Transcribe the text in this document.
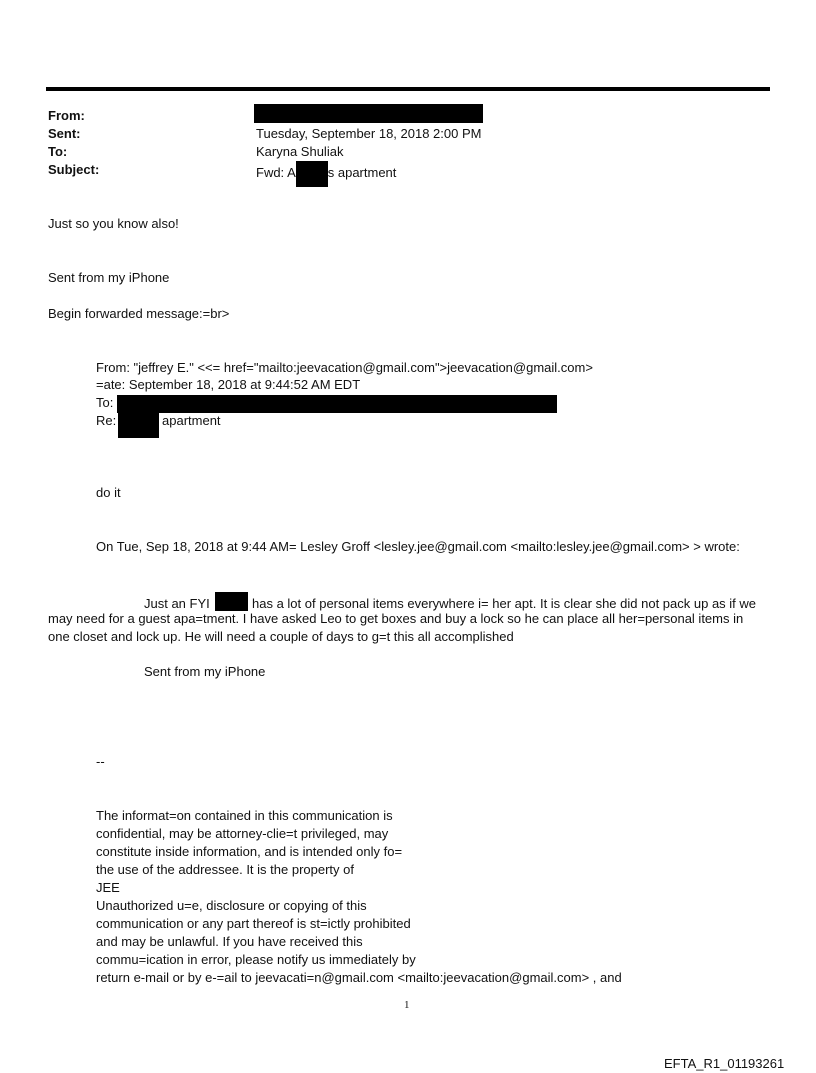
From:
Sent:	Tuesday, September 18, 2018 2:00 PM
To:	Karyna Shuliak
Subject:	Fwd: A s apartment
Just so you know also!
Sent from my iPhone
Begin forwarded message:=br>
From: "jeffrey E." <<= href="mailto:jeevacation@gmail.com">jeevacation@gmail.com>
=ate: September 18, 2018 at 9:44:52 AM EDT
To:
Re:	apartment
do it
On Tue, Sep 18, 2018 at 9:44 AM= Lesley Groff <lesley.jee@gmail.com <mailto:lesley.jee@gmail.com> > wrote:
Just an FYI	has a lot of personal items everywhere i= her apt. It is clear she did not pack up as if we
may need for a guest apa=tment. I have asked Leo to get boxes and buy a lock so he can place all her=personal items in
one closet and lock up. He will need a couple of days to g=t this all accomplished
Sent from my iPhone
--
The informat=on contained in this communication is
confidential, may be attorney-clie=t privileged, may
constitute inside information, and is intended only fo=
the use of the addressee. It is the property of
JEE
Unauthorized u=e, disclosure or copying of this
communication or any part thereof is st=ictly prohibited
and may be unlawful. If you have received this
commu=ication in error, please notify us immediately by
return e-mail or by e-=ail to jeevacati=n@gmail.com <mailto:jeevacation@gmail.com> , and
1
EFTA_R1_01193261
